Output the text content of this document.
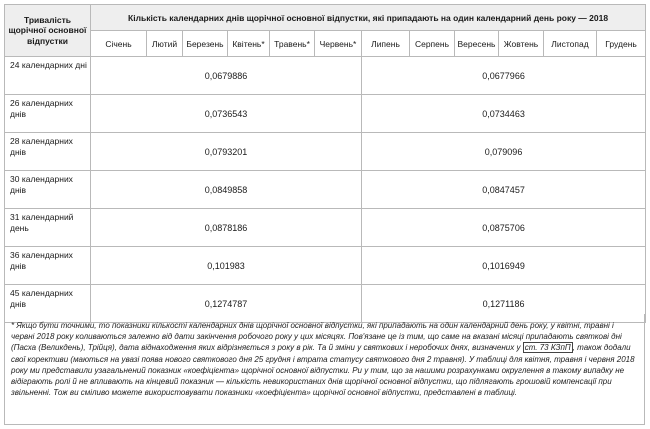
Тривалість щорічної основної відпустки	Кількість календарних днів щорічної основної відпустки, які припадають на один календарний день року — 2018											
	Січень	Лютий	Березень	Квітень*	Травень*	Червень*	Липень	Серпень	Вересень	Жовтень	Листопад	Грудень
24 календарних дні	0,0679886						0,0677966					
26 календарних днів	0,0736543						0,0734463					
28 календарних днів	0,0793201						0,079096					
30 календарних днів	0,0849858						0,0847457					
31 календарний день	0,0878186						0,0875706					
36 календарних днів	0,101983						0,1016949					
45 календарних днів	0,1274787						0,1271186					
* Якщо бути точними, то показники кількості календарних днів щорічної основної відпустки, які припадають на один календарний день року, у квітні, травні і червні 2018 року коливаються залежно від дати закінчення робочого року у цих місяцях. Пов'язане це із тим, що саме на вказані місяці припадають святкові дні (Пасха (Великдень), Трійця), дата віднаходження яких відрізняється з року в рік. Та й зміни у святкових і неробочих днях, визначених у ст. 73 КЗпП , також додали свої корективи (маються на увазі поява нового святкового дня 25 грудня і втрата статусу святкового дня 2 травня). У таблиці для квітня, травня і червня 2018 року ми представили узагальнений показник «коефіцієнта» щорічної основної відпустки. Ри у тим, що за нашими розрахунками округлення в такому випадку не відіграють ролі й не впливають на кінцевий показник — кількість невикористаних днів щорічної основної відпустки, що підлягають грошовій компенсації при звільненні. Тож ви сміливо можете використовувати показники «коефіцієнта» щорічної основної відпустки, представлені в таблиці.
